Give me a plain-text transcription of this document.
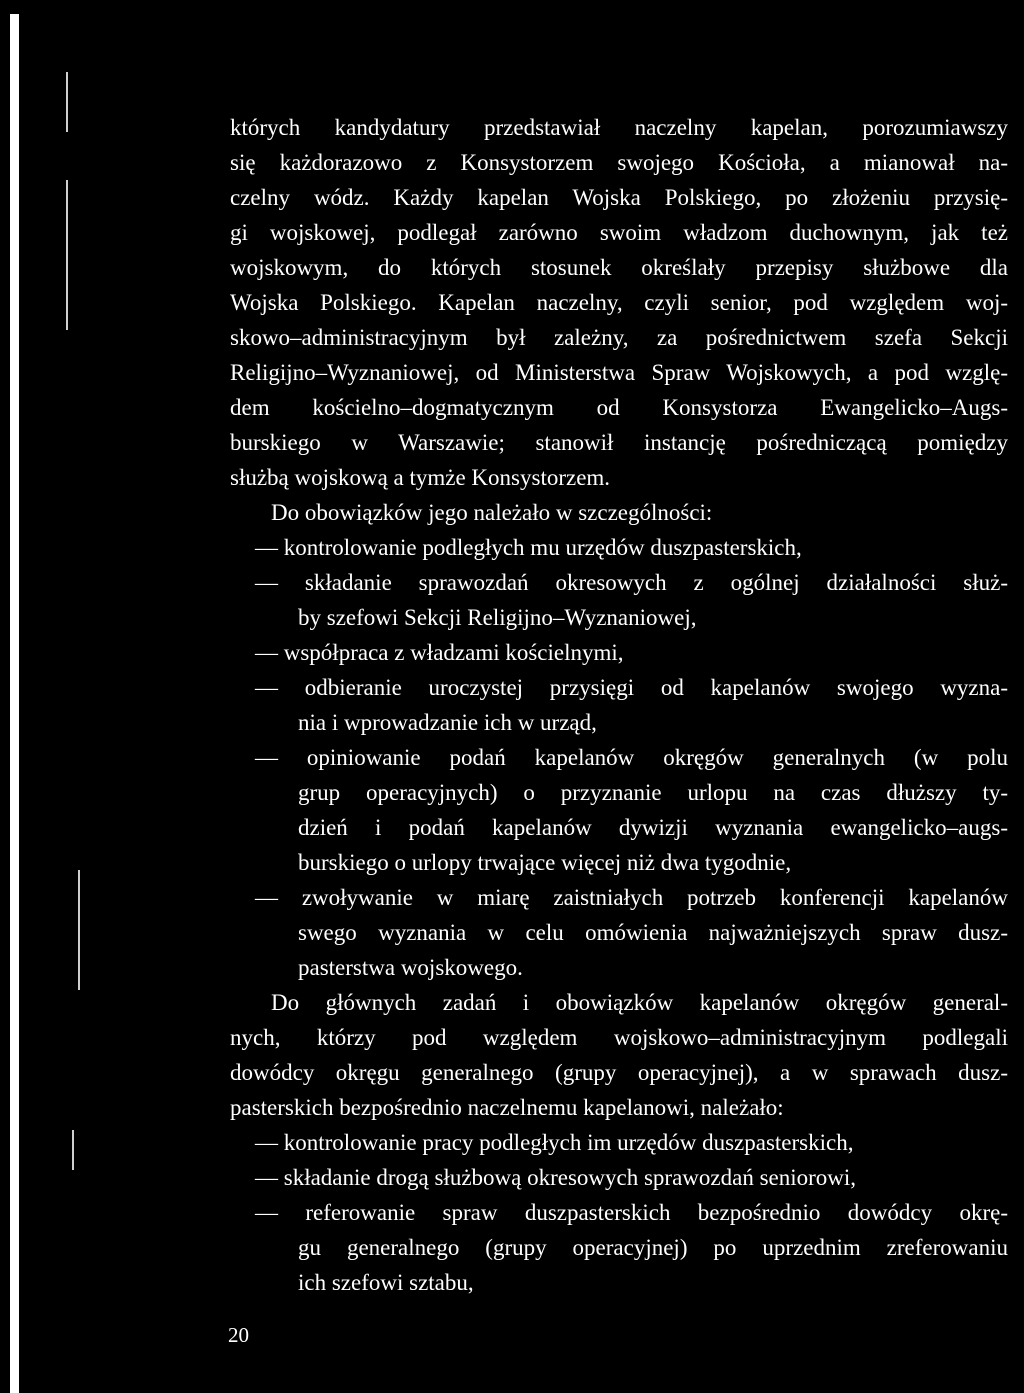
których kandydatury przedstawiał naczelny kapelan, porozumiawszy
się każdorazowo z Konsystorzem swojego Kościoła, a mianował na-
czelny wódz. Każdy kapelan Wojska Polskiego, po złożeniu przysię-
gi wojskowej, podlegał zarówno swoim władzom duchownym, jak też
wojskowym, do których stosunek określały przepisy służbowe dla
Wojska Polskiego. Kapelan naczelny, czyli senior, pod względem woj-
skowo–administracyjnym był zależny, za pośrednictwem szefa Sekcji
Religijno–Wyznaniowej, od Ministerstwa Spraw Wojskowych, a pod wzglę-
dem kościelno–dogmatycznym od Konsystorza Ewangelicko–Augs-
burskiego w Warszawie; stanowił instancję pośredniczącą pomiędzy
służbą wojskową a tymże Konsystorzem.
Do obowiązków jego należało w szczególności:
— kontrolowanie podległych mu urzędów duszpasterskich,
— składanie sprawozdań okresowych z ogólnej działalności służ-
by szefowi Sekcji Religijno–Wyznaniowej,
— współpraca z władzami kościelnymi,
— odbieranie uroczystej przysięgi od kapelanów swojego wyzna-
nia i wprowadzanie ich w urząd,
— opiniowanie podań kapelanów okręgów generalnych (w polu
grup operacyjnych) o przyznanie urlopu na czas dłuższy ty-
dzień i podań kapelanów dywizji wyznania ewangelicko–augs-
burskiego o urlopy trwające więcej niż dwa tygodnie,
— zwoływanie w miarę zaistniałych potrzeb konferencji kapelanów
swego wyznania w celu omówienia najważniejszych spraw dusz-
pasterstwa wojskowego.
Do głównych zadań i obowiązków kapelanów okręgów general-
nych, którzy pod względem wojskowo–administracyjnym podlegali
dowódcy okręgu generalnego (grupy operacyjnej), a w sprawach dusz-
pasterskich bezpośrednio naczelnemu kapelanowi, należało:
— kontrolowanie pracy podległych im urzędów duszpasterskich,
— składanie drogą służbową okresowych sprawozdań seniorowi,
— referowanie spraw duszpasterskich bezpośrednio dowódcy okrę-
gu generalnego (grupy operacyjnej) po uprzednim zreferowaniu
ich szefowi sztabu,
20
